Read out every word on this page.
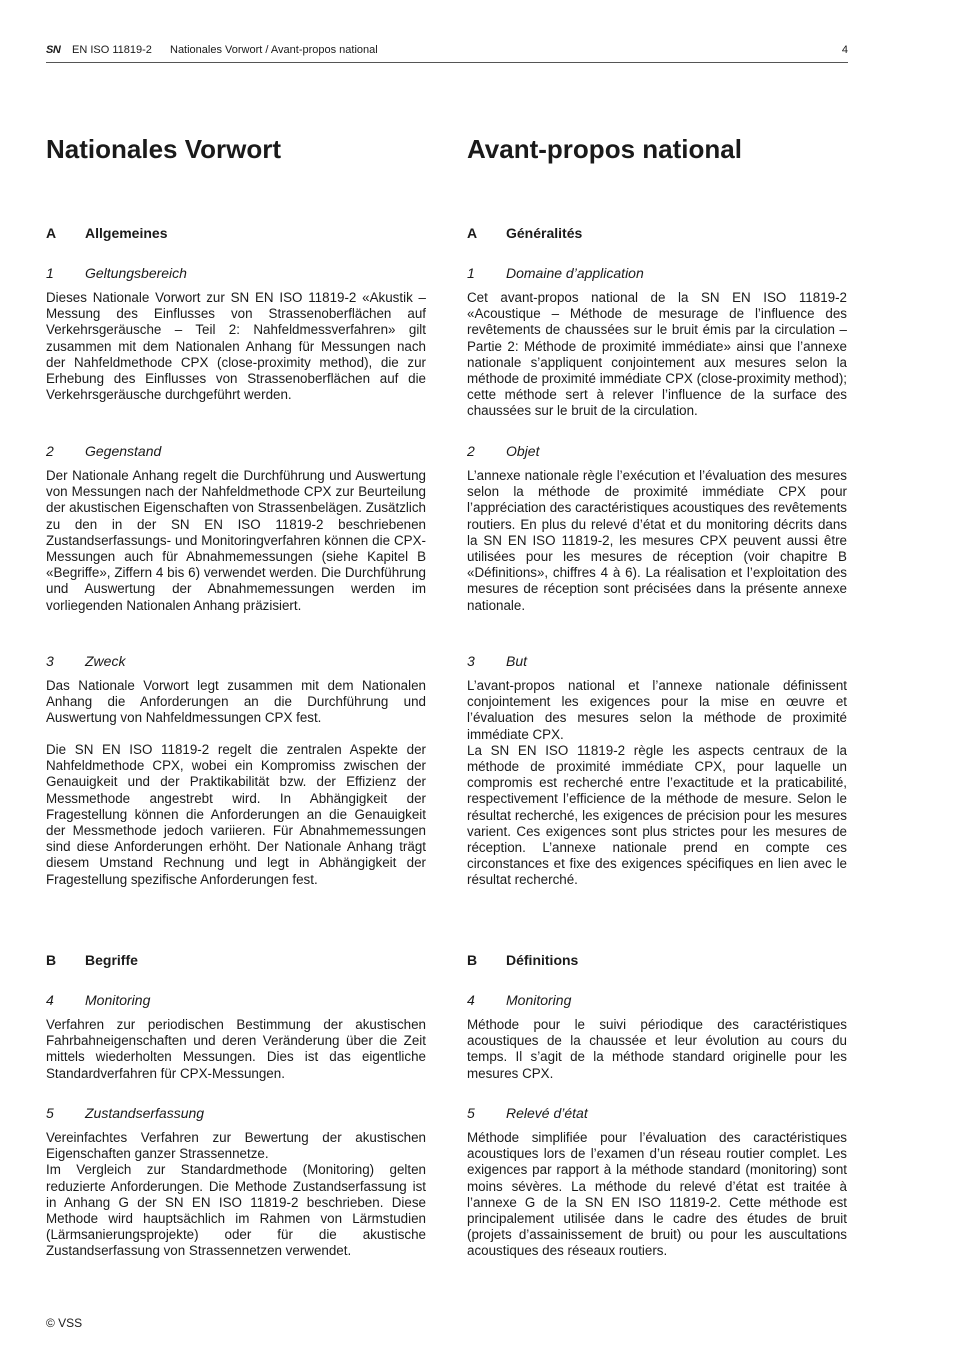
SN EN ISO 11819-2 Nationales Vorwort / Avant-propos national	4
Nationales Vorwort
A Allgemeines
1 Geltungsbereich

Dieses Nationale Vorwort zur SN EN ISO 11819-2 «Akustik – Messung des Einflusses von Strassenoberflächen auf Verkehrsgeräusche – Teil 2: Nahfeldmessverfahren» gilt zusammen mit dem Nationalen Anhang für Messungen nach der Nahfeldmethode CPX (close-proximity method), die zur Erhebung des Einflusses von Strassenoberflächen auf die Verkehrsgeräusche durchgeführt werden.

2 Gegenstand

Der Nationale Anhang regelt die Durchführung und Auswertung von Messungen nach der Nahfeldmethode CPX zur Beurteilung der akustischen Eigenschaften von Strassenbelägen. Zusätzlich zu den in der SN EN ISO 11819-2 beschriebenen Zustandserfassungs- und Monitoringverfahren können die CPX-Messungen auch für Abnahmemessungen (siehe Kapitel B «Begriffe», Ziffern 4 bis 6) verwendet werden. Die Durchführung und Auswertung der Abnahmemessungen werden im vorliegenden Nationalen Anhang präzisiert.

3 Zweck

Das Nationale Vorwort legt zusammen mit dem Nationalen Anhang die Anforderungen an die Durchführung und Auswertung von Nahfeldmessungen CPX fest.

Die SN EN ISO 11819-2 regelt die zentralen Aspekte der Nahfeldmethode CPX, wobei ein Kompromiss zwischen der Genauigkeit und der Praktikabilität bzw. der Effizienz der Messmethode angestrebt wird. In Abhängigkeit der Fragestellung können die Anforderungen an die Genauigkeit der Messmethode jedoch variieren. Für Abnahmemessungen sind diese Anforderungen erhöht. Der Nationale Anhang trägt diesem Umstand Rechnung und legt in Abhängigkeit der Fragestellung spezifische Anforderungen fest.

B Begriffe
4 Monitoring

Verfahren zur periodischen Bestimmung der akustischen Fahrbahneigenschaften und deren Veränderung über die Zeit mittels wiederholten Messungen. Dies ist das eigentliche Standardverfahren für CPX-Messungen.

5 Zustandserfassung

Vereinfachtes Verfahren zur Bewertung der akustischen Eigenschaften ganzer Strassennetze.
Im Vergleich zur Standardmethode (Monitoring) gelten reduzierte Anforderungen. Die Methode Zustandserfassung ist in Anhang G der SN EN ISO 11819-2 beschrieben. Diese Methode wird hauptsächlich im Rahmen von Lärmstudien (Lärmsanierungsprojekte) oder für die akustische Zustandserfassung von Strassennetzen verwendet.

Avant-propos national
A Généralités
1 Domaine d’application

Cet avant-propos national de la SN EN ISO 11819-2 «Acoustique – Méthode de mesurage de l’influence des revêtements de chaussées sur le bruit émis par la circulation – Partie 2: Méthode de proximité immédiate» ainsi que l’annexe nationale s’appliquent conjointement aux mesures selon la méthode de proximité immédiate CPX (close-proximity method); cette méthode sert à relever l’influence de la surface des chaussées sur le bruit de la circulation.

2 Objet

L’annexe nationale règle l’exécution et l’évaluation des mesures selon la méthode de proximité immédiate CPX pour l’appréciation des caractéristiques acoustiques des revêtements routiers. En plus du relevé d’état et du monitoring décrits dans la SN EN ISO 11819-2, les mesures CPX peuvent aussi être utilisées pour les mesures de réception (voir chapitre B «Définitions», chiffres 4 à 6). La réalisation et l’exploitation des mesures de réception sont précisées dans la présente annexe nationale.

3 But

L’avant-propos national et l’annexe nationale définissent conjointement les exigences pour la mise en œuvre et l’évaluation des mesures selon la méthode de proximité immédiate CPX.
La SN EN ISO 11819-2 règle les aspects centraux de la méthode de proximité immédiate CPX, pour laquelle un compromis est recherché entre l’exactitude et la praticabilité, respectivement l’efficience de la méthode de mesure. Selon le résultat recherché, les exigences de précision pour les mesures varient. Ces exigences sont plus strictes pour les mesures de réception. L’annexe nationale prend en compte ces circonstances et fixe des exigences spécifiques en lien avec le résultat recherché.

B Définitions
4 Monitoring

Méthode pour le suivi périodique des caractéristiques acoustiques de la chaussée et leur évolution au cours du temps. Il s’agit de la méthode standard originelle pour les mesures CPX.

5 Relevé d’état

Méthode simplifiée pour l’évaluation des caractéristiques acoustiques lors de l’examen d’un réseau routier complet. Les exigences par rapport à la méthode standard (monitoring) sont moins sévères. La méthode du relevé d’état est traitée à l’annexe G de la SN EN ISO 11819-2. Cette méthode est principalement utilisée dans le cadre des études de bruit (projets d’assainissement de bruit) ou pour les auscultations acoustiques des réseaux routiers.

© VSS
